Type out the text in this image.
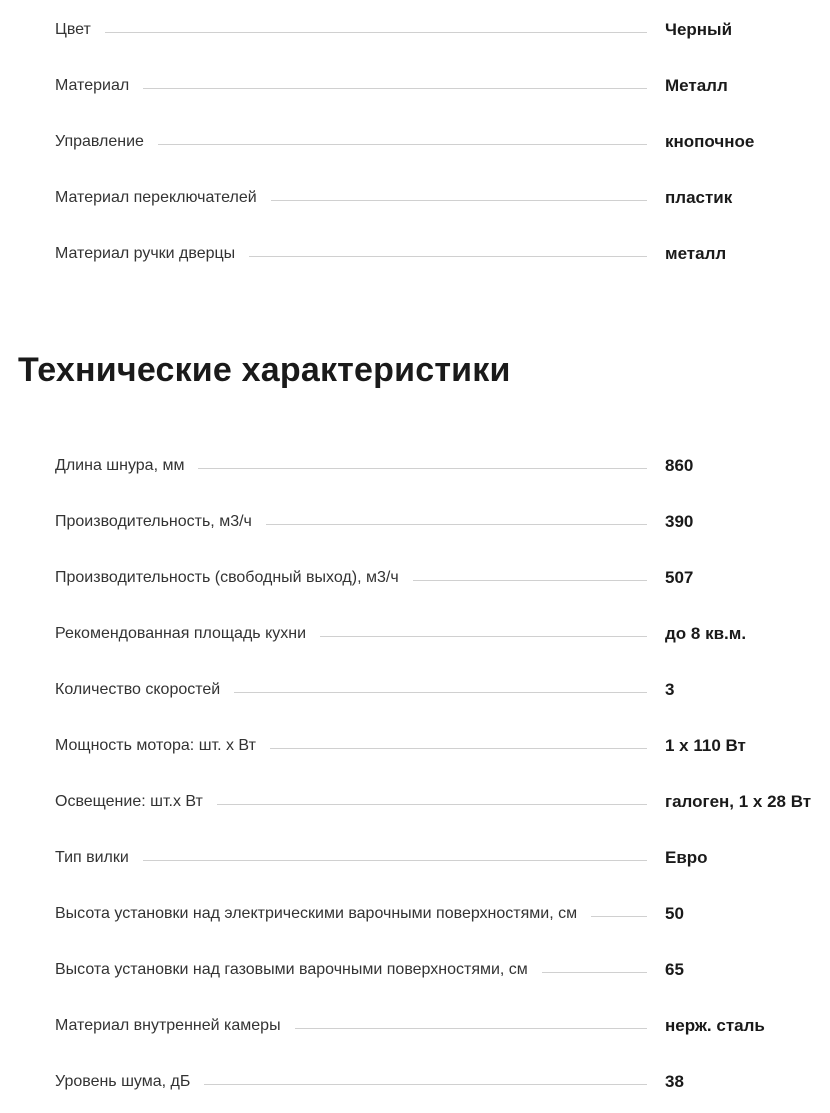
Цвет	Черный
Материал	Металл
Управление	кнопочное
Материал переключателей	пластик
Материал ручки дверцы	металл
Технические характеристики
Длина шнура, мм	860
Производительность, м3/ч	390
Производительность (свободный выход), м3/ч	507
Рекомендованная площадь кухни	до 8 кв.м.
Количество скоростей	3
Мощность мотора: шт. х Вт	1 х 110 Вт
Освещение: шт.х Вт	галоген, 1 х 28 Вт
Тип вилки	Евро
Высота установки над электрическими варочными поверхностями, см	50
Высота установки над газовыми варочными поверхностями, см	65
Материал внутренней камеры	нерж. сталь
Уровень шума, дБ	38
